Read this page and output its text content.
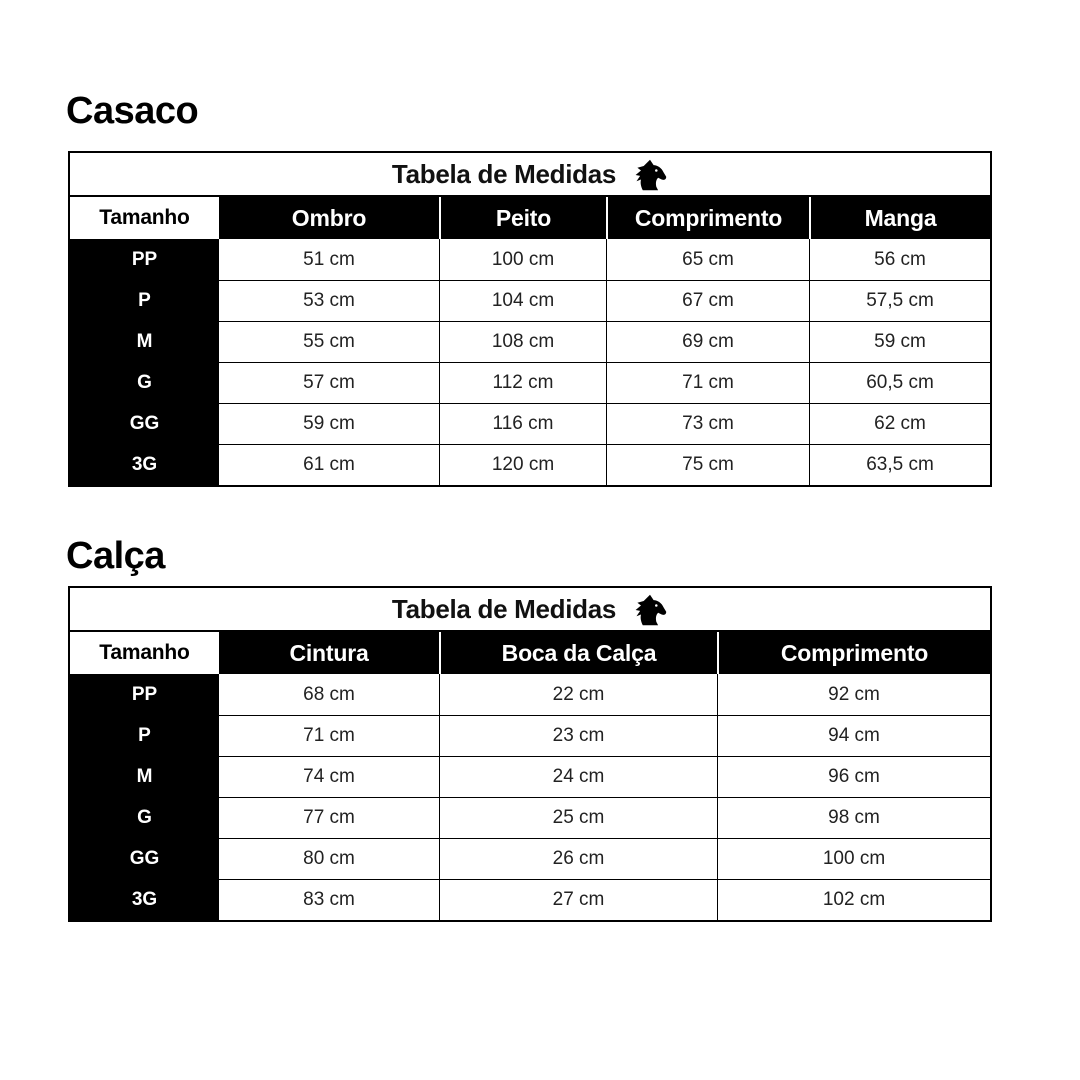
Casaco
Tabela de Medidas
Tamanho	Ombro	Peito	Comprimento	Manga
PP	51 cm	100 cm	65 cm	56 cm
P	53 cm	104 cm	67 cm	57,5 cm
M	55 cm	108 cm	69 cm	59 cm
G	57 cm	112 cm	71 cm	60,5 cm
GG	59 cm	116 cm	73 cm	62 cm
3G	61 cm	120 cm	75 cm	63,5 cm
Calça
Tabela de Medidas
Tamanho	Cintura	Boca da Calça	Comprimento
PP	68 cm	22 cm	92 cm
P	71 cm	23 cm	94 cm
M	74 cm	24 cm	96 cm
G	77 cm	25 cm	98 cm
GG	80 cm	26 cm	100 cm
3G	83 cm	27 cm	102 cm
